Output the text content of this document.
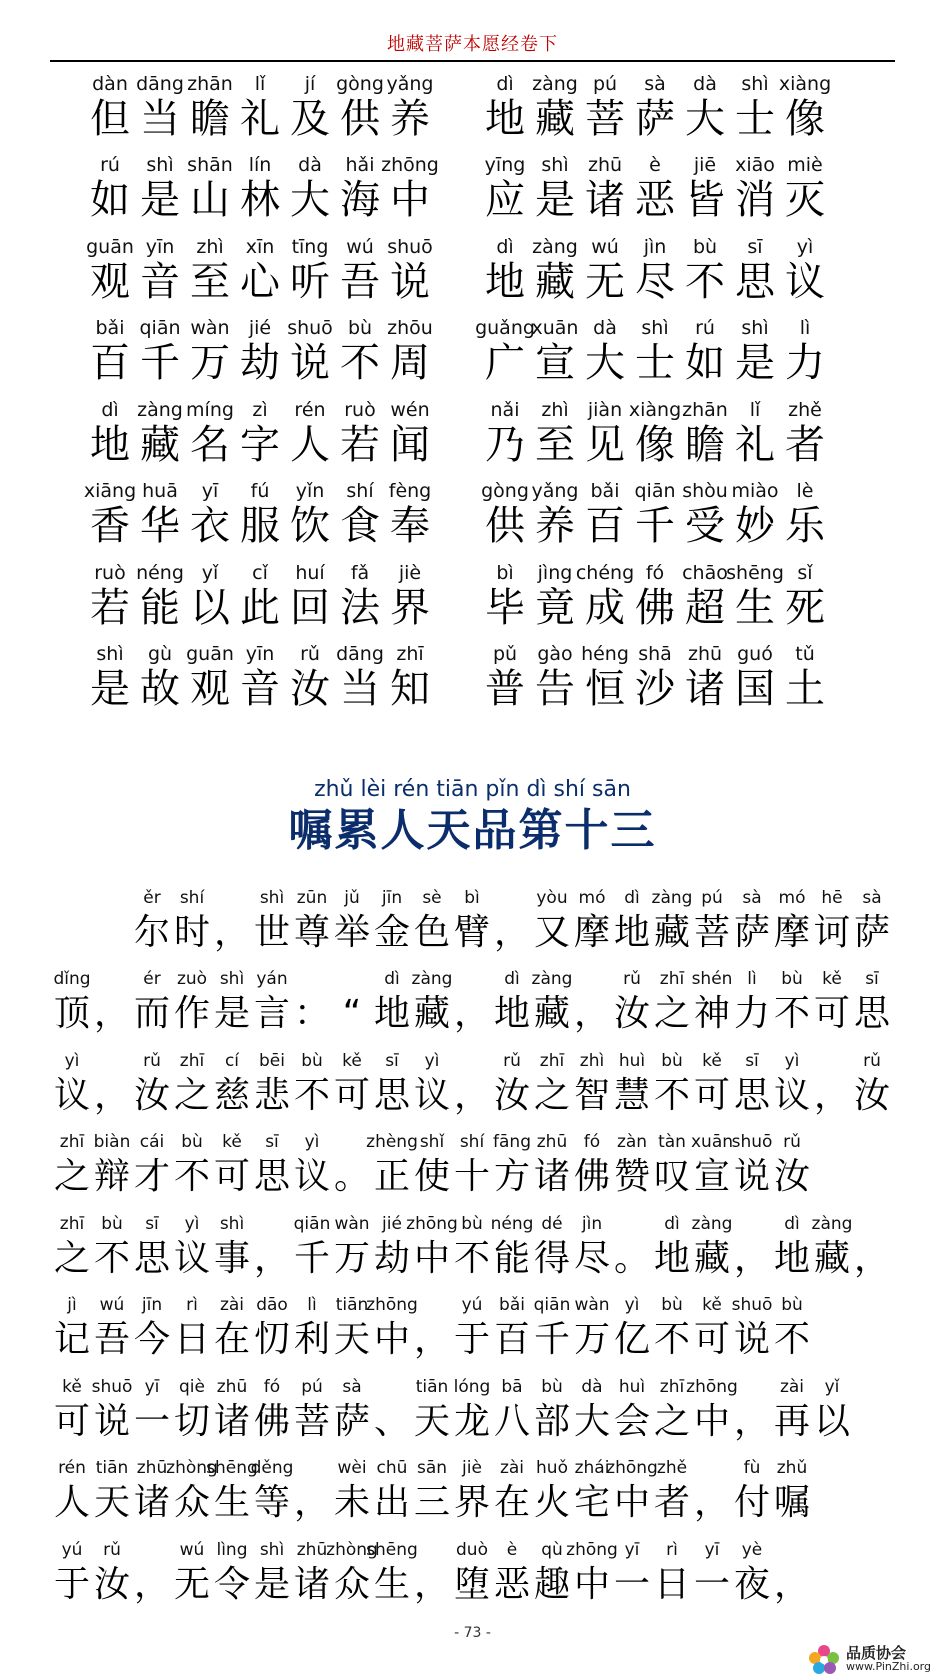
地藏菩萨本愿经卷下
dàn
但
dāng
当
zhān
瞻
lǐ
礼
jí
及
gòng
供
yǎng
养
dì
地
zàng
藏
pú
菩
sà
萨
dà
大
shì
士
xiàng
像
rú
如
shì
是
shān
山
lín
林
dà
大
hǎi
海
zhōng
中
yīng
应
shì
是
zhū
诸
è
恶
jiē
皆
xiāo
消
miè
灭
guān
观
yīn
音
zhì
至
xīn
心
tīng
听
wú
吾
shuō
说
dì
地
zàng
藏
wú
无
jìn
尽
bù
不
sī
思
yì
议
bǎi
百
qiān
千
wàn
万
jié
劫
shuō
说
bù
不
zhōu
周
guǎng
广
xuān
宣
dà
大
shì
士
rú
如
shì
是
lì
力
dì
地
zàng
藏
míng
名
zì
字
rén
人
ruò
若
wén
闻
nǎi
乃
zhì
至
jiàn
见
xiàng
像
zhān
瞻
lǐ
礼
zhě
者
xiāng
香
huā
华
yī
衣
fú
服
yǐn
饮
shí
食
fèng
奉
gòng
供
yǎng
养
bǎi
百
qiān
千
shòu
受
miào
妙
lè
乐
ruò
若
néng
能
yǐ
以
cǐ
此
huí
回
fǎ
法
jiè
界
bì
毕
jìng
竟
chéng
成
fó
佛
chāo
超
shēng
生
sǐ
死
shì
是
gù
故
guān
观
yīn
音
rǔ
汝
dāng
当
zhī
知
pǔ
普
gào
告
héng
恒
shā
沙
zhū
诸
guó
国
tǔ
土
zhǔ lèi rén tiān pǐn dì shí sān
嘱累人天品第十三
ěr
尔
shí
时 ，
shì
世
zūn
尊
jǔ
举
jīn
金
sè
色
bì
臂 ，
yòu
又
mó
摩
dì
地
zàng
藏
pú
菩
sà
萨
mó
摩
hē
诃
sà
萨
dǐng
顶 ，
ér
而
zuò
作
shì
是
yán
言 ： “
dì
地
zàng
藏 ，
dì
地
zàng
藏 ，
rǔ
汝
zhī
之
shén
神
lì
力
bù
不
kě
可
sī
思
yì
议 ，
rǔ
汝
zhī
之
cí
慈
bēi
悲
bù
不
kě
可
sī
思
yì
议 ，
rǔ
汝
zhī
之
zhì
智
huì
慧
bù
不
kě
可
sī
思
yì
议 ，
rǔ
汝
zhī
之
biàn
辩
cái
才
bù
不
kě
可
sī
思
yì
议 。
zhèng
正
shǐ
使
shí
十
fāng
方
zhū
诸
fó
佛
zàn
赞
tàn
叹
xuān
宣
shuō
说
rǔ
汝
zhī
之
bù
不
sī
思
yì
议
shì
事 ，
qiān
千
wàn
万
jié
劫
zhōng
中
bù
不
néng
能
dé
得
jìn
尽 。
dì
地
zàng
藏 ，
dì
地
zàng
藏 ，
jì
记
wú
吾
jīn
今
rì
日
zài
在
dāo
忉
lì
利
tiān
天
zhōng
中 ，
yú
于
bǎi
百
qiān
千
wàn
万
yì
亿
bù
不
kě
可
shuō
说
bù
不
kě
可
shuō
说
yī
一
qiè
切
zhū
诸
fó
佛
pú
菩
sà
萨 、
tiān
天
lóng
龙
bā
八
bù
部
dà
大
huì
会
zhī
之
zhōng
中 ，
zài
再
yǐ
以
rén
人
tiān
天
zhū
诸
zhòng
众
shēng
生
děng
等 ，
wèi
未
chū
出
sān
三
jiè
界
zài
在
huǒ
火
zhái
宅
zhōng
中
zhě
者 ，
fù
付
zhǔ
嘱
yú
于
rǔ
汝 ，
wú
无
lìng
令
shì
是
zhū
诸
zhòng
众
shēng
生 ，
duò
堕
è
恶
qù
趣
zhōng
中
yī
一
rì
日
yī
一
yè
夜 ，
- 73 -
品质协会
www.PinZhi.org
